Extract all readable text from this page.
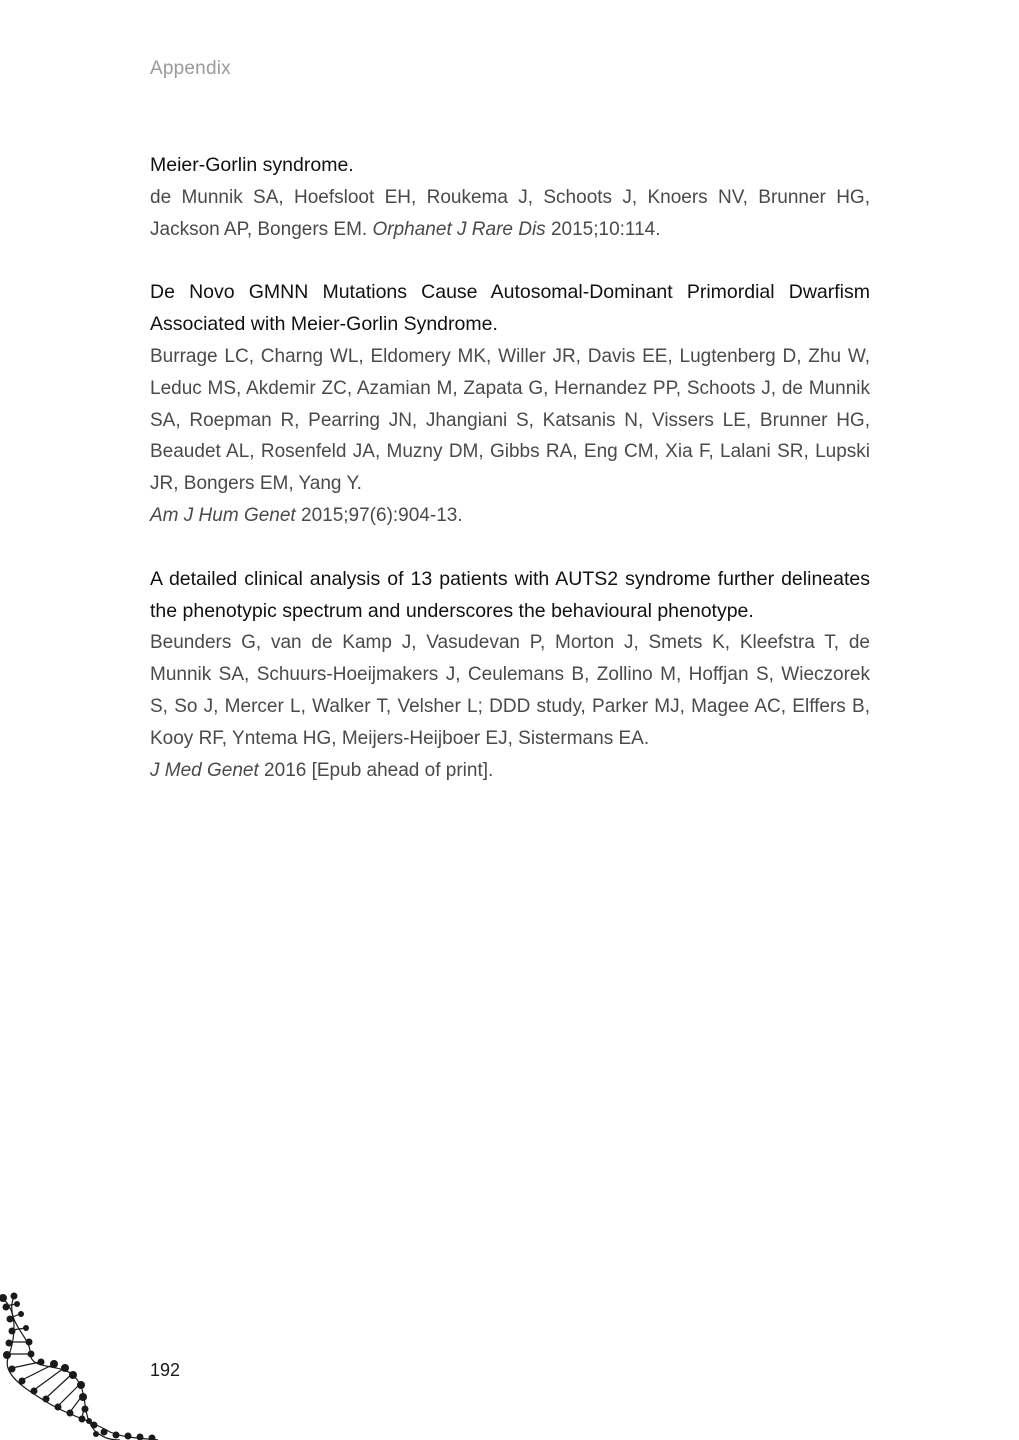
Appendix
Meier-Gorlin syndrome.
de Munnik SA, Hoefsloot EH, Roukema J, Schoots J, Knoers NV, Brunner HG, Jackson AP, Bongers EM. Orphanet J Rare Dis 2015;10:114.
De Novo GMNN Mutations Cause Autosomal-Dominant Primordial Dwarfism Associated with Meier-Gorlin Syndrome.
Burrage LC, Charng WL, Eldomery MK, Willer JR, Davis EE, Lugtenberg D, Zhu W, Leduc MS, Akdemir ZC, Azamian M, Zapata G, Hernandez PP, Schoots J, de Munnik SA, Roepman R, Pearring JN, Jhangiani S, Katsanis N, Vissers LE, Brunner HG, Beaudet AL, Rosenfeld JA, Muzny DM, Gibbs RA, Eng CM, Xia F, Lalani SR, Lupski JR, Bongers EM, Yang Y.
Am J Hum Genet 2015;97(6):904-13.
A detailed clinical analysis of 13 patients with AUTS2 syndrome further delineates the phenotypic spectrum and underscores the behavioural phenotype.
Beunders G, van de Kamp J, Vasudevan P, Morton J, Smets K, Kleefstra T, de Munnik SA, Schuurs-Hoeijmakers J, Ceulemans B, Zollino M, Hoffjan S, Wieczorek S, So J, Mercer L, Walker T, Velsher L; DDD study, Parker MJ, Magee AC, Elffers B, Kooy RF, Yntema HG, Meijers-Heijboer EJ, Sistermans EA.
J Med Genet 2016 [Epub ahead of print].
192
